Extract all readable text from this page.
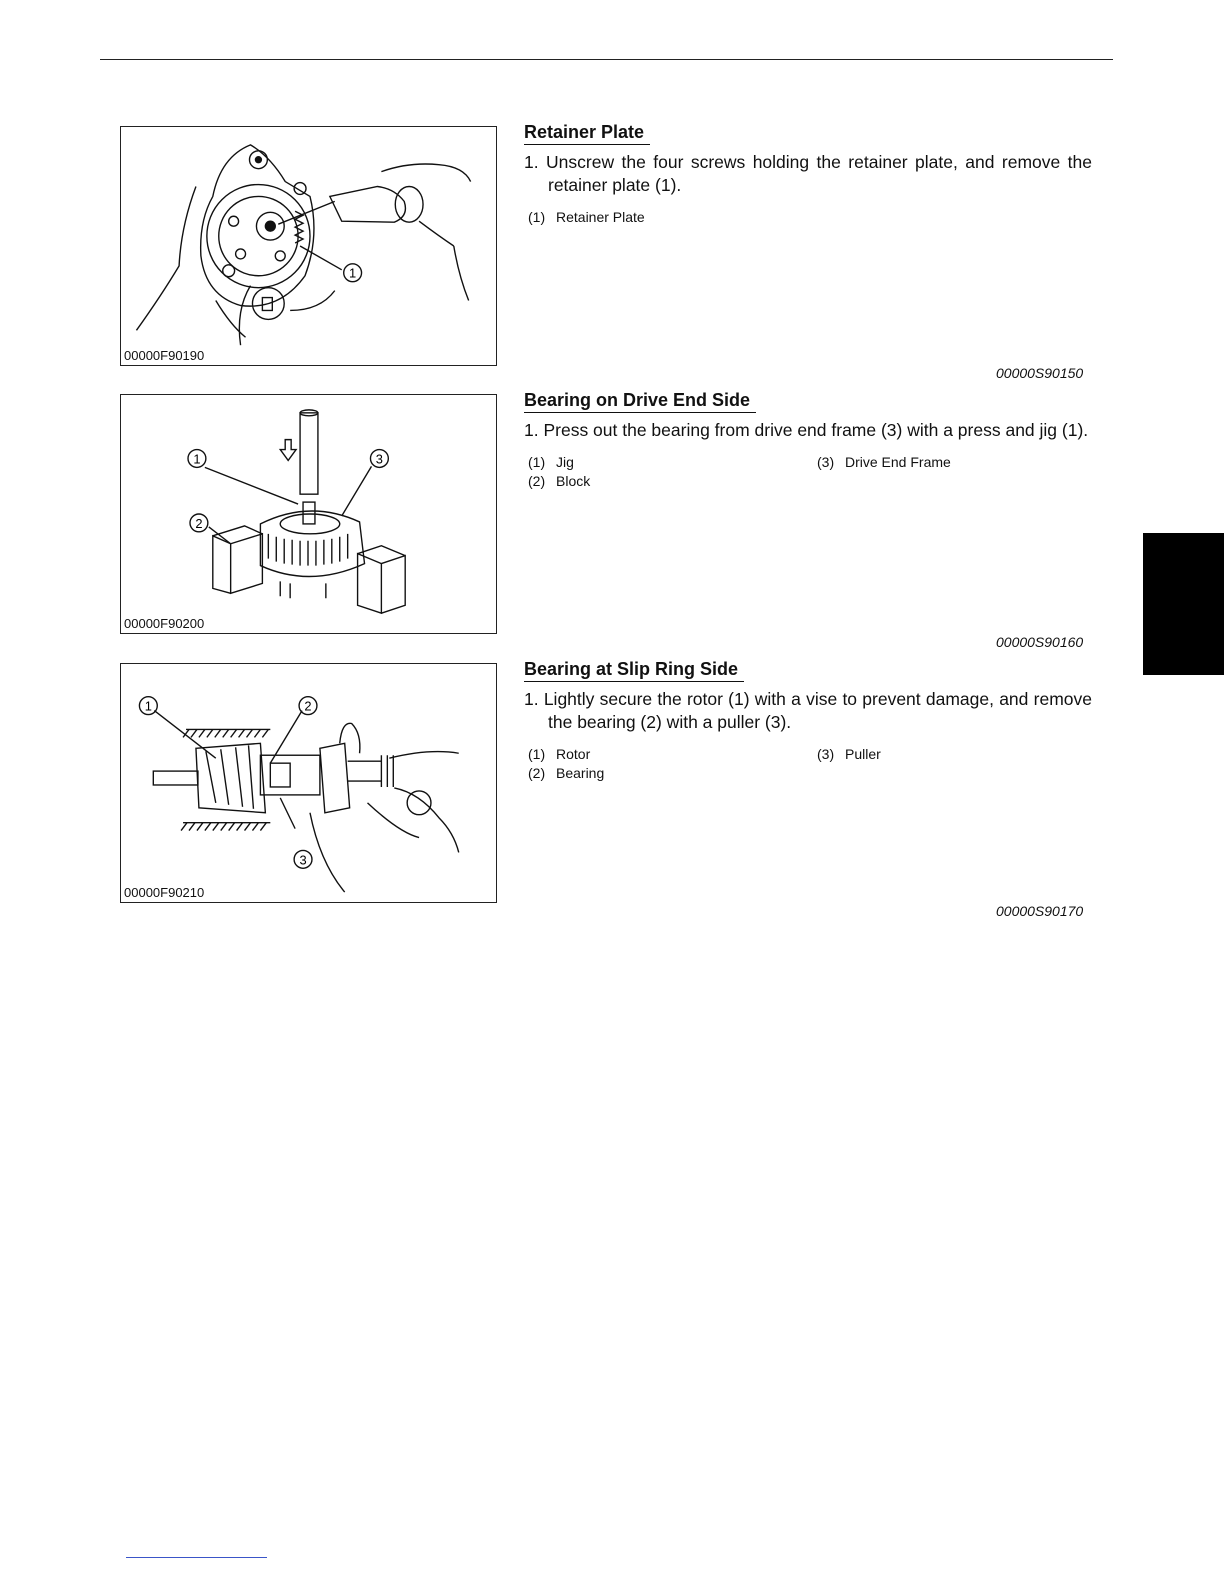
1
00000F90190
Retainer Plate

1. Unscrew the four screws holding the retainer plate, and remove the retainer plate (1).

(1) Retainer Plate
00000S90150
1
2
3
00000F90200
Bearing on Drive End Side

1. Press out the bearing from drive end frame (3) with a press and jig (1).

(1) Jig
(2) Block
(3) Drive End Frame
00000S90160
1	2
3
00000F90210
Bearing at Slip Ring Side

1. Lightly secure the rotor (1) with a vise to prevent damage, and remove the bearing (2) with a puller (3).

(1) Rotor
(2) Bearing
(3) Puller
00000S90170
